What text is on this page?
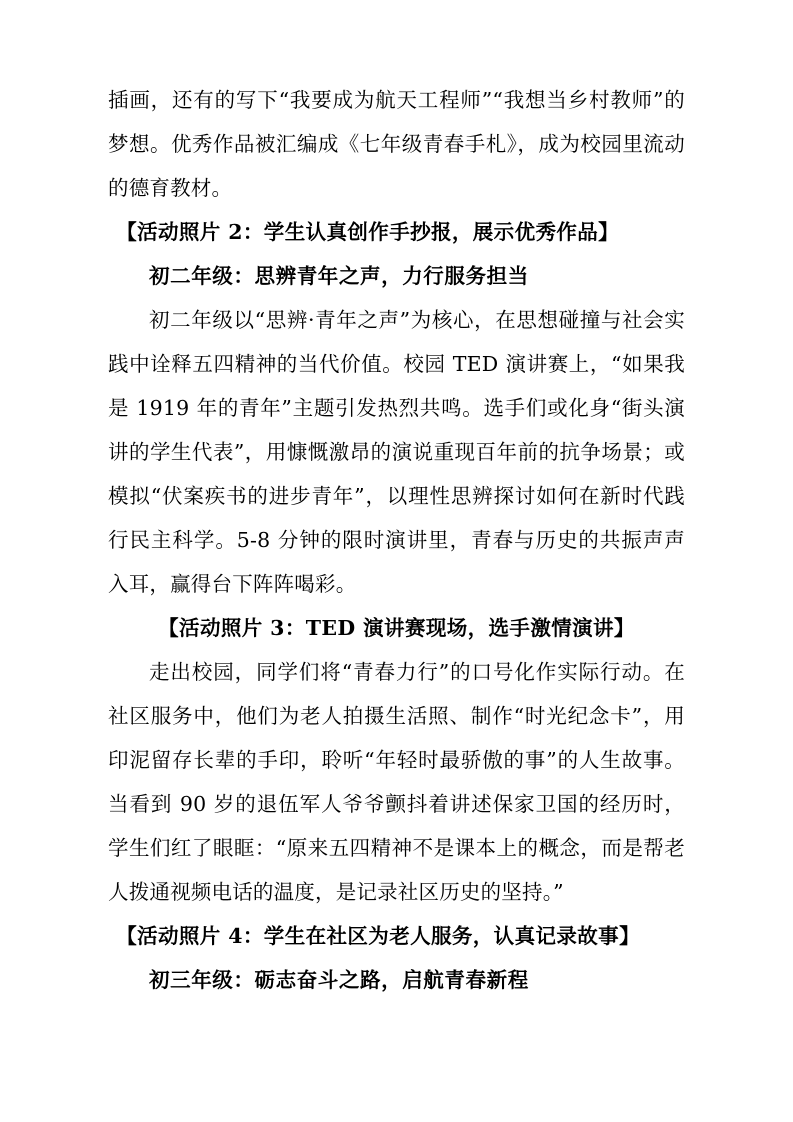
插画，还有的写下“我要成为航天工程师”“我想当乡村教师”的梦想。优秀作品被汇编成《七年级青春手札》，成为校园里流动的德育教材。

【活动照片 2：学生认真创作手抄报，展示优秀作品】

初二年级：思辨青年之声，力行服务担当

初二年级以“思辨·青年之声”为核心，在思想碰撞与社会实践中诠释五四精神的当代价值。校园 TED 演讲赛上，“如果我是 1919 年的青年”主题引发热烈共鸣。选手们或化身“街头演讲的学生代表”，用慷慨激昂的演说重现百年前的抗争场景；或模拟“伏案疾书的进步青年”，以理性思辨探讨如何在新时代践行民主科学。5-8 分钟的限时演讲里，青春与历史的共振声声入耳，赢得台下阵阵喝彩。

【活动照片 3：TED 演讲赛现场，选手激情演讲】

走出校园，同学们将“青春力行”的口号化作实际行动。在社区服务中，他们为老人拍摄生活照、制作“时光纪念卡”，用印泥留存长辈的手印，聆听“年轻时最骄傲的事”的人生故事。当看到 90 岁的退伍军人爷爷颤抖着讲述保家卫国的经历时，学生们红了眼眶：“原来五四精神不是课本上的概念，而是帮老人拨通视频电话的温度，是记录社区历史的坚持。”

【活动照片 4：学生在社区为老人服务，认真记录故事】

初三年级：砺志奋斗之路，启航青春新程
